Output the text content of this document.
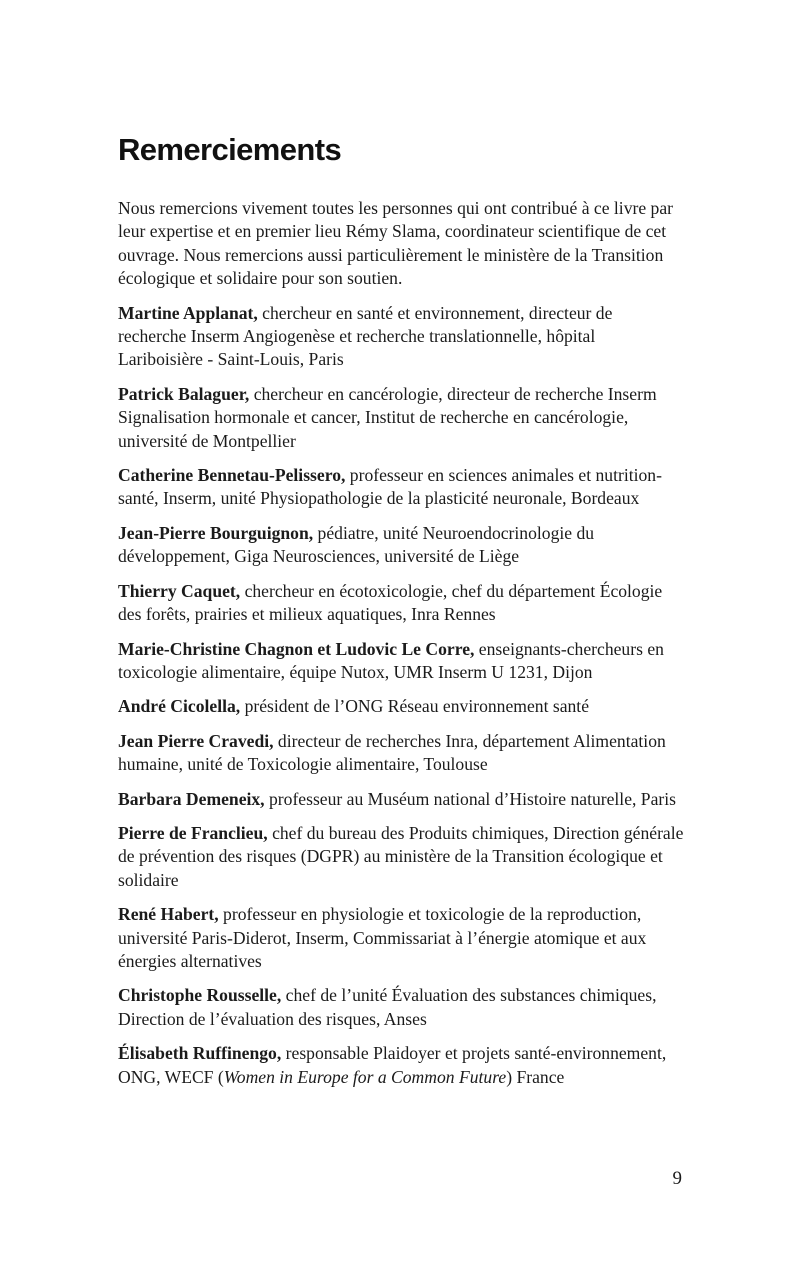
Remerciements

Nous remercions vivement toutes les personnes qui ont contribué à ce livre par leur expertise et en premier lieu Rémy Slama, coordinateur scientifique de cet ouvrage. Nous remercions aussi particulièrement le ministère de la Transition écologique et solidaire pour son soutien.

Martine Applanat, chercheur en santé et environnement, directeur de recherche Inserm Angiogenèse et recherche translationnelle, hôpital Lariboisière - Saint-Louis, Paris

Patrick Balaguer, chercheur en cancérologie, directeur de recherche Inserm Signalisation hormonale et cancer, Institut de recherche en cancérologie, université de Montpellier

Catherine Bennetau-Pelissero, professeur en sciences animales et nutrition-santé, Inserm, unité Physiopathologie de la plasticité neuronale, Bordeaux

Jean-Pierre Bourguignon, pédiatre, unité Neuroendocrinologie du développement, Giga Neurosciences, université de Liège

Thierry Caquet, chercheur en écotoxicologie, chef du département Écologie des forêts, prairies et milieux aquatiques, Inra Rennes

Marie-Christine Chagnon et Ludovic Le Corre, enseignants-chercheurs en toxicologie alimentaire, équipe Nutox, UMR Inserm U 1231, Dijon

André Cicolella, président de l’ONG Réseau environnement santé

Jean Pierre Cravedi, directeur de recherches Inra, département Alimentation humaine, unité de Toxicologie alimentaire, Toulouse

Barbara Demeneix, professeur au Muséum national d’Histoire naturelle, Paris

Pierre de Franclieu, chef du bureau des Produits chimiques, Direction générale de prévention des risques (DGPR) au ministère de la Transition écologique et solidaire

René Habert, professeur en physiologie et toxicologie de la reproduction, université Paris-Diderot, Inserm, Commissariat à l’énergie atomique et aux énergies alternatives

Christophe Rousselle, chef de l’unité Évaluation des substances chimiques, Direction de l’évaluation des risques, Anses

Élisabeth Ruffinengo, responsable Plaidoyer et projets santé-environnement, ONG, WECF (Women in Europe for a Common Future) France

9
